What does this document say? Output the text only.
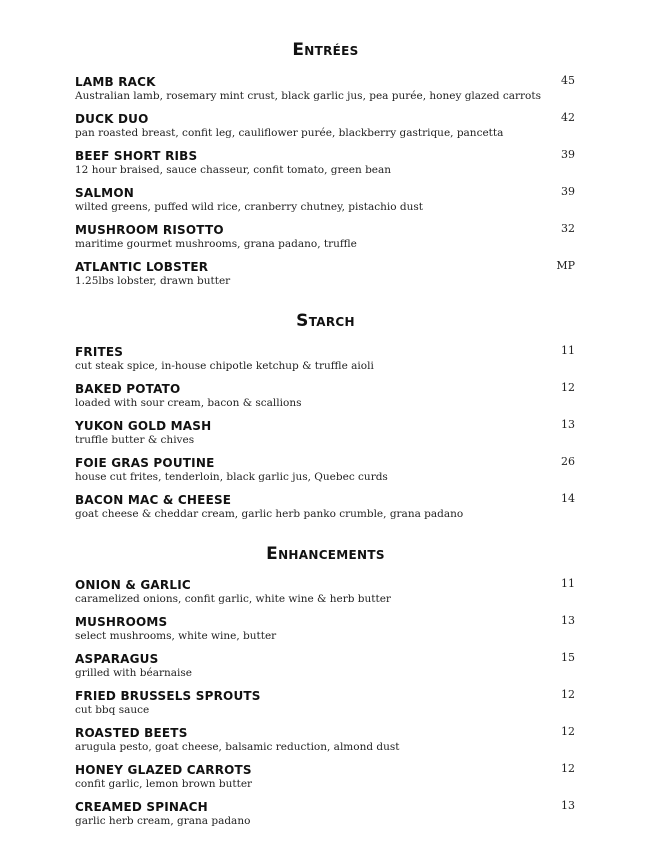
Entrées
LAMB RACK
Australian lamb, rosemary mint crust, black garlic jus, pea purée, honey glazed carrots
45
DUCK DUO
pan roasted breast, confit leg, cauliflower purée, blackberry gastrique, pancetta
42
BEEF SHORT RIBS
12 hour braised, sauce chasseur, confit tomato, green bean
39
SALMON
wilted greens, puffed wild rice, cranberry chutney, pistachio dust
39
MUSHROOM RISOTTO
maritime gourmet mushrooms, grana padano, truffle
32
ATLANTIC LOBSTER
1.25lbs lobster, drawn butter
MP
Starch
FRITES
cut steak spice, in-house chipotle ketchup & truffle aioli
11
BAKED POTATO
loaded with sour cream, bacon & scallions
12
YUKON GOLD MASH
truffle butter & chives
13
FOIE GRAS POUTINE
house cut frites, tenderloin, black garlic jus, Quebec curds
26
BACON MAC & CHEESE
goat cheese & cheddar cream, garlic herb panko crumble, grana padano
14
Enhancements
ONION & GARLIC
caramelized onions, confit garlic, white wine & herb butter
11
MUSHROOMS
select mushrooms, white wine, butter
13
ASPARAGUS
grilled with béarnaise
15
FRIED BRUSSELS SPROUTS
cut bbq sauce
12
ROASTED BEETS
arugula pesto, goat cheese, balsamic reduction, almond dust
12
HONEY GLAZED CARROTS
confit garlic, lemon brown butter
12
CREAMED SPINACH
garlic herb cream, grana padano
13
